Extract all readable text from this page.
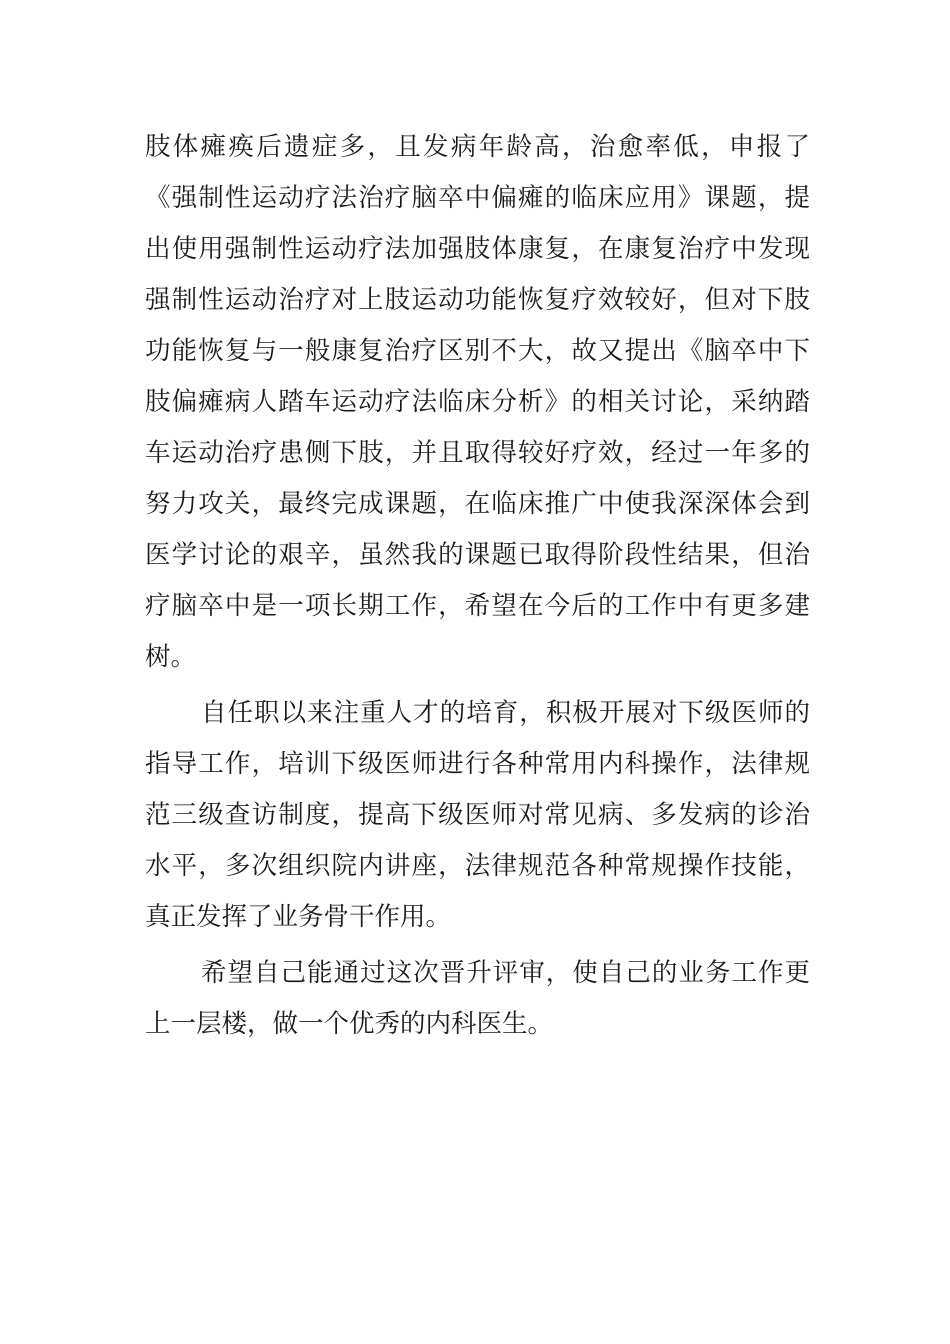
肢体瘫痪后遗症多，且发病年龄高，治愈率低，申报了
《强制性运动疗法治疗脑卒中偏瘫的临床应用》课题，提
出使用强制性运动疗法加强肢体康复，在康复治疗中发现
强制性运动治疗对上肢运动功能恢复疗效较好，但对下肢
功能恢复与一般康复治疗区别不大，故又提出《脑卒中下
肢偏瘫病人踏车运动疗法临床分析》的相关讨论，采纳踏
车运动治疗患侧下肢，并且取得较好疗效，经过一年多的
努力攻关，最终完成课题，在临床推广中使我深深体会到
医学讨论的艰辛，虽然我的课题已取得阶段性结果，但治
疗脑卒中是一项长期工作，希望在今后的工作中有更多建
树。
自任职以来注重人才的培育，积极开展对下级医师的
指导工作，培训下级医师进行各种常用内科操作，法律规
范三级查访制度，提高下级医师对常见病、多发病的诊治
水平，多次组织院内讲座，法律规范各种常规操作技能，
真正发挥了业务骨干作用。
希望自己能通过这次晋升评审，使自己的业务工作更
上一层楼，做一个优秀的内科医生。
